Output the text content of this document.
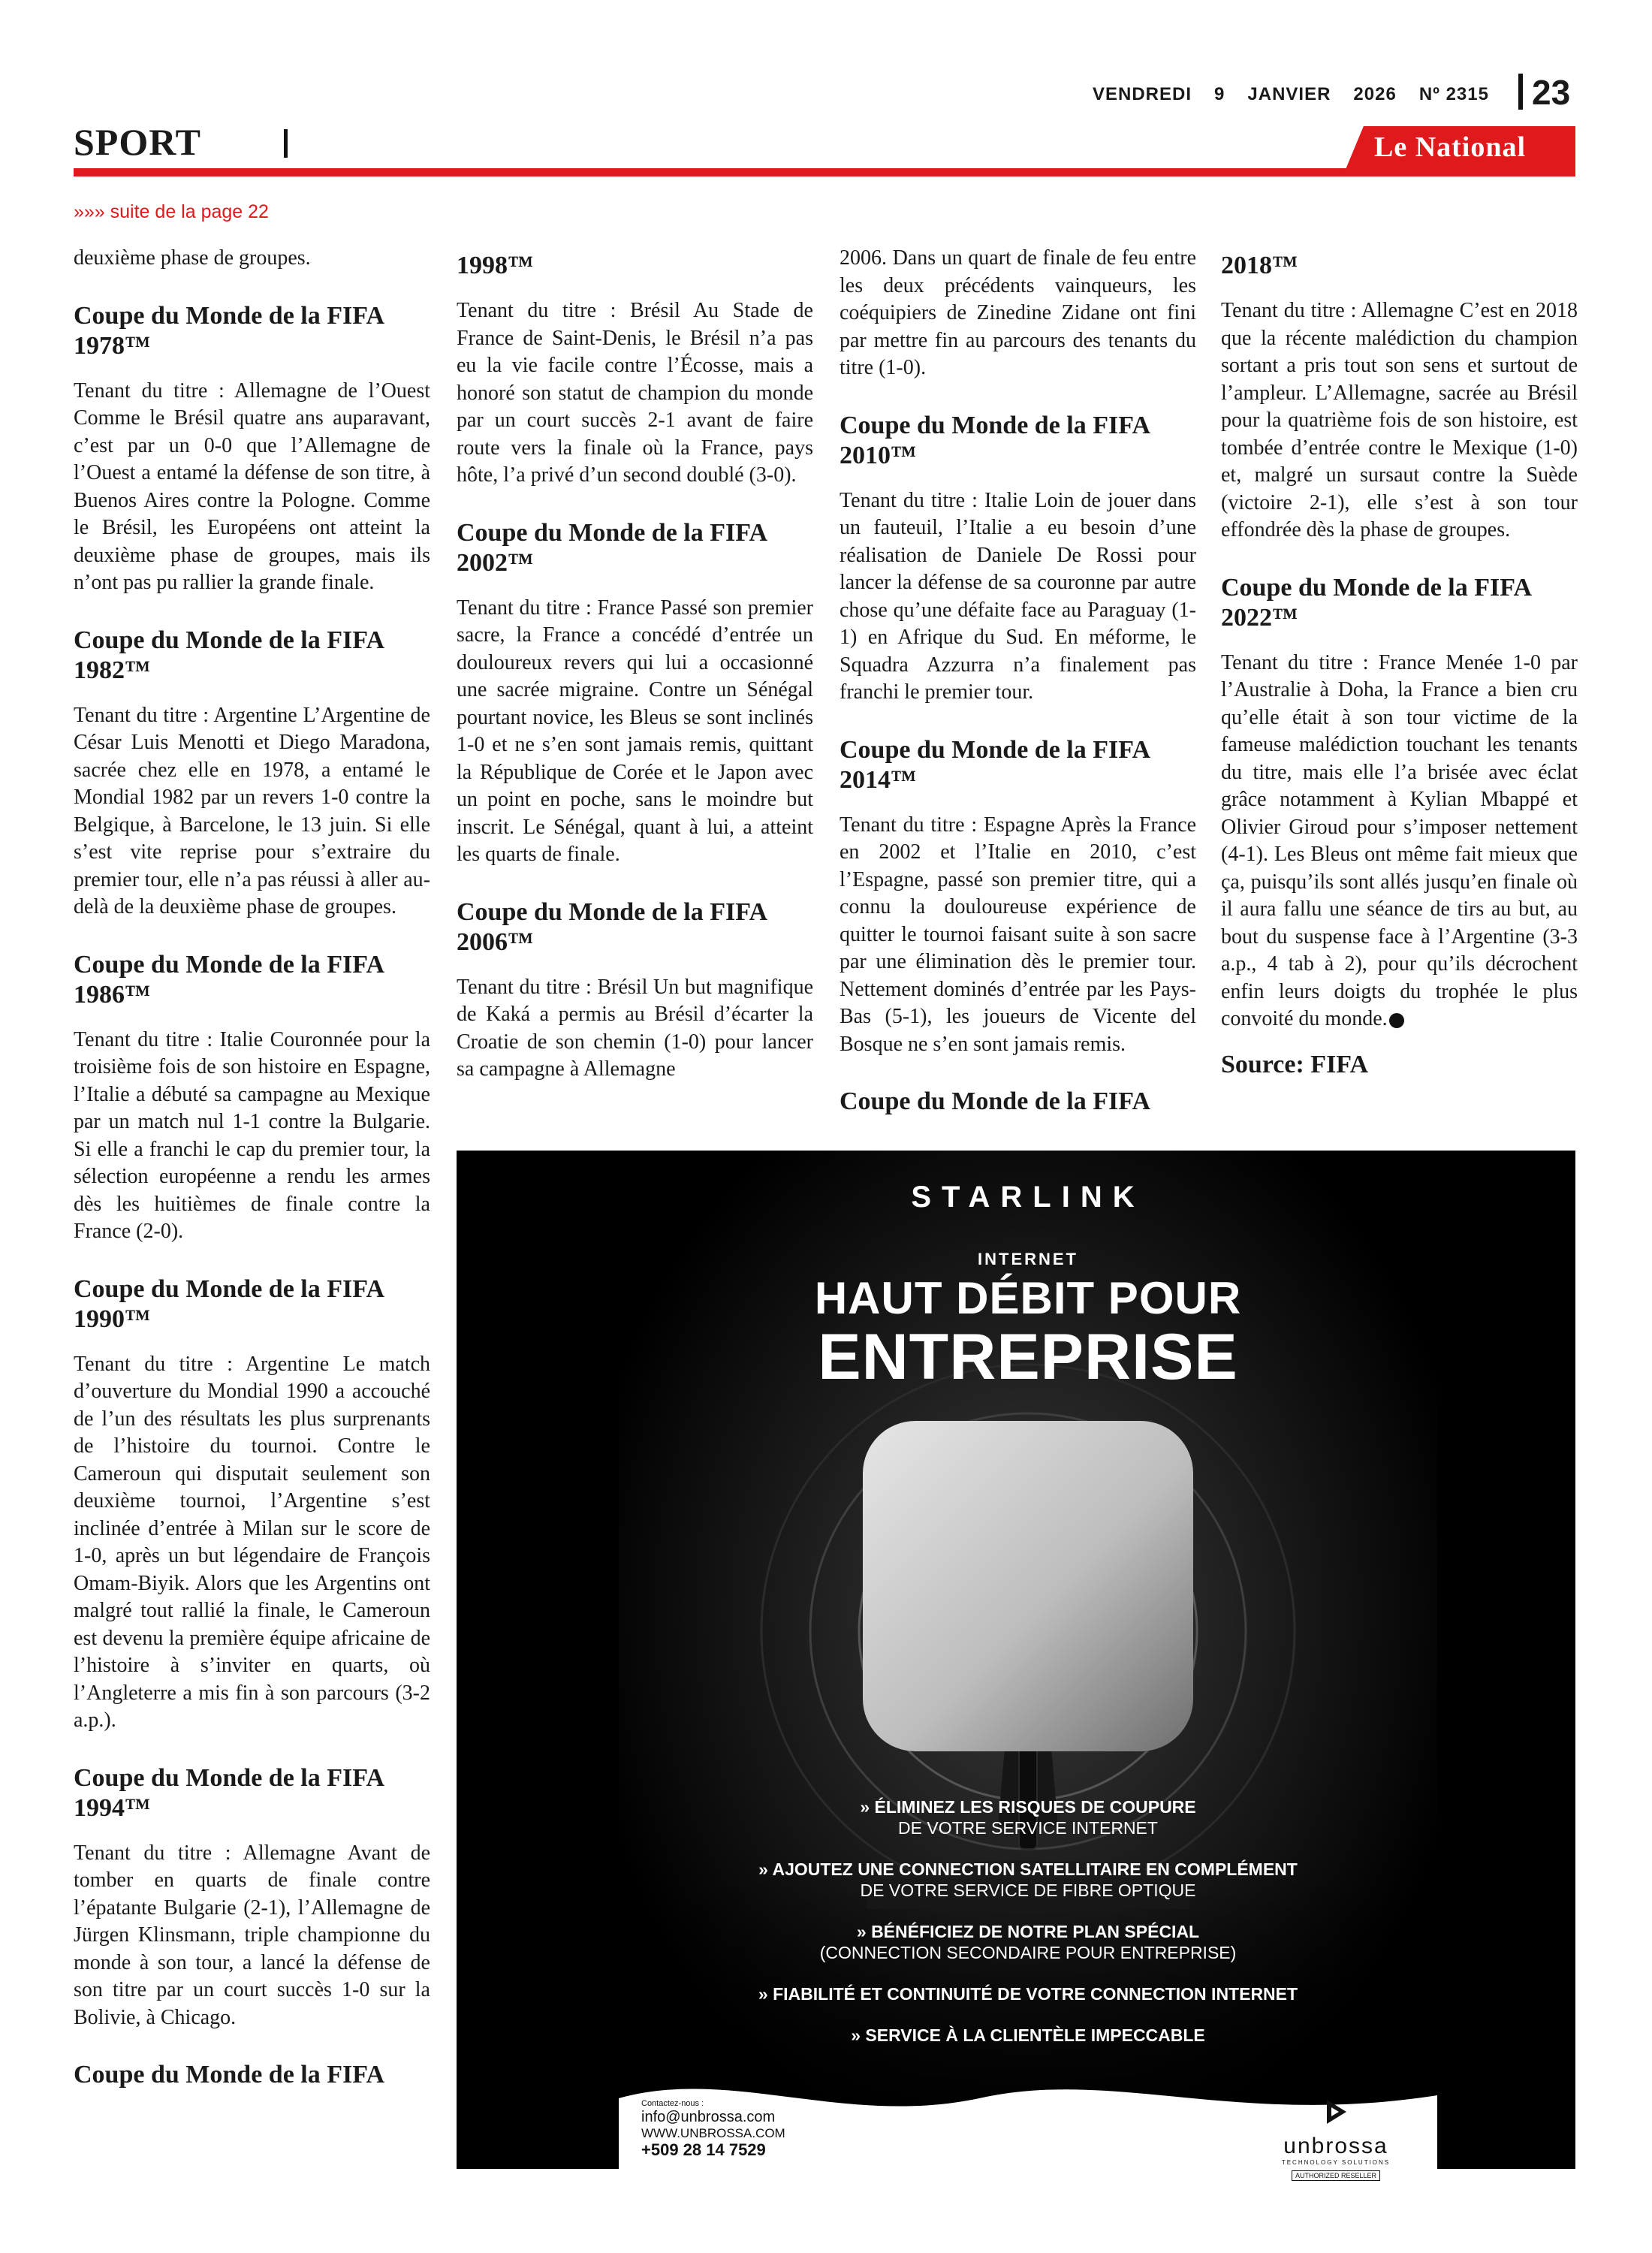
VENDREDI 9 JANVIER 2026 Nº 2315	23
SPORT	Le National
»»» suite de la page 22

deuxième phase de groupes.

Coupe du Monde de la FIFA 1978™

Tenant du titre : Allemagne de l’Ouest Comme le Brésil quatre ans auparavant, c’est par un 0-0 que l’Allemagne de l’Ouest a entamé la défense de son titre, à Buenos Aires contre la Pologne. Comme le Brésil, les Européens ont atteint la deuxième phase de groupes, mais ils n’ont pas pu rallier la grande finale.

Coupe du Monde de la FIFA 1982™

Tenant du titre : Argentine L’Argentine de César Luis Menotti et Diego Maradona, sacrée chez elle en 1978, a entamé le Mondial 1982 par un revers 1-0 contre la Belgique, à Barcelone, le 13 juin. Si elle s’est vite reprise pour s’extraire du premier tour, elle n’a pas réussi à aller au-delà de la deuxième phase de groupes.

Coupe du Monde de la FIFA 1986™

Tenant du titre : Italie Couronnée pour la troisième fois de son histoire en Espagne, l’Italie a débuté sa campagne au Mexique par un match nul 1-1 contre la Bulgarie. Si elle a franchi le cap du premier tour, la sélection européenne a rendu les armes dès les huitièmes de finale contre la France (2-0).

Coupe du Monde de la FIFA 1990™

Tenant du titre : Argentine Le match d’ouverture du Mondial 1990 a accouché de l’un des résultats les plus surprenants de l’histoire du tournoi. Contre le Cameroun qui disputait seulement son deuxième tournoi, l’Argentine s’est inclinée d’entrée à Milan sur le score de 1-0, après un but légendaire de François Omam-Biyik. Alors que les Argentins ont malgré tout rallié la finale, le Cameroun est devenu la première équipe africaine de l’histoire à s’inviter en quarts, où l’Angleterre a mis fin à son parcours (3-2 a.p.).

Coupe du Monde de la FIFA 1994™

Tenant du titre : Allemagne Avant de tomber en quarts de finale contre l’épatante Bulgarie (2-1), l’Allemagne de Jürgen Klinsmann, triple championne du monde à son tour, a lancé la défense de son titre par un court succès 1-0 sur la Bolivie, à Chicago.

Coupe du Monde de la FIFA
1998™

Tenant du titre : Brésil Au Stade de France de Saint-Denis, le Brésil n’a pas eu la vie facile contre l’Écosse, mais a honoré son statut de champion du monde par un court succès 2-1 avant de faire route vers la finale où la France, pays hôte, l’a privé d’un second doublé (3-0).

Coupe du Monde de la FIFA 2002™

Tenant du titre : France Passé son premier sacre, la France a concédé d’entrée un douloureux revers qui lui a occasionné une sacrée migraine. Contre un Sénégal pourtant novice, les Bleus se sont inclinés 1-0 et ne s’en sont jamais remis, quittant la République de Corée et le Japon avec un point en poche, sans le moindre but inscrit. Le Sénégal, quant à lui, a atteint les quarts de finale.

Coupe du Monde de la FIFA 2006™

Tenant du titre : Brésil Un but magnifique de Kaká a permis au Brésil d’écarter la Croatie de son chemin (1-0) pour lancer sa campagne à Allemagne

2006. Dans un quart de finale de feu entre les deux précédents vainqueurs, les coéquipiers de Zinedine Zidane ont fini par mettre fin au parcours des tenants du titre (1-0).

Coupe du Monde de la FIFA 2010™

Tenant du titre : Italie Loin de jouer dans un fauteuil, l’Italie a eu besoin d’une réalisation de Daniele De Rossi pour lancer la défense de sa couronne par autre chose qu’une défaite face au Paraguay (1-1) en Afrique du Sud. En méforme, le Squadra Azzurra n’a finalement pas franchi le premier tour.

Coupe du Monde de la FIFA 2014™

Tenant du titre : Espagne Après la France en 2002 et l’Italie en 2010, c’est l’Espagne, passé son premier titre, qui a connu la douloureuse expérience de quitter le tournoi faisant suite à son sacre par une élimination dès le premier tour. Nettement dominés d’entrée par les Pays-Bas (5-1), les joueurs de Vicente del Bosque ne s’en sont jamais remis.

Coupe du Monde de la FIFA
2018™

Tenant du titre : Allemagne C’est en 2018 que la récente malédiction du champion sortant a pris tout son sens et surtout de l’ampleur. L’Allemagne, sacrée au Brésil pour la quatrième fois de son histoire, est tombée d’entrée contre le Mexique (1-0) et, malgré un sursaut contre la Suède (victoire 2-1), elle s’est à son tour effondrée dès la phase de groupes.

Coupe du Monde de la FIFA 2022™

Tenant du titre : France Menée 1-0 par l’Australie à Doha, la France a bien cru qu’elle était à son tour victime de la fameuse malédiction touchant les tenants du titre, mais elle l’a brisée avec éclat grâce notamment à Kylian Mbappé et Olivier Giroud pour s’imposer nettement (4-1). Les Bleus ont même fait mieux que ça, puisqu’ils sont allés jusqu’en finale où il aura fallu une séance de tirs au but, au bout du suspense face à l’Argentine (3-3 a.p., 4 tab à 2), pour qu’ils décrochent enfin leurs doigts du trophée le plus convoité du monde.

Source: FIFA
STARLINK
INTERNET
HAUT DÉBIT POUR
ENTREPRISE
» ÉLIMINEZ LES RISQUES DE COUPURE
DE VOTRE SERVICE INTERNET
» AJOUTEZ UNE CONNECTION SATELLITAIRE EN COMPLÉMENT
DE VOTRE SERVICE DE FIBRE OPTIQUE
» BÉNÉFICIEZ DE NOTRE PLAN SPÉCIAL
(CONNECTION SECONDAIRE POUR ENTREPRISE)
» FIABILITÉ ET CONTINUITÉ DE VOTRE CONNECTION INTERNET
» SERVICE À LA CLIENTÈLE IMPECCABLE
Contactez-nous :
info@unbrossa.com
WWW.UNBROSSA.COM
+509 28 14 7529	unbrossa
TECHNOLOGY SOLUTIONS
AUTHORIZED RESELLER
